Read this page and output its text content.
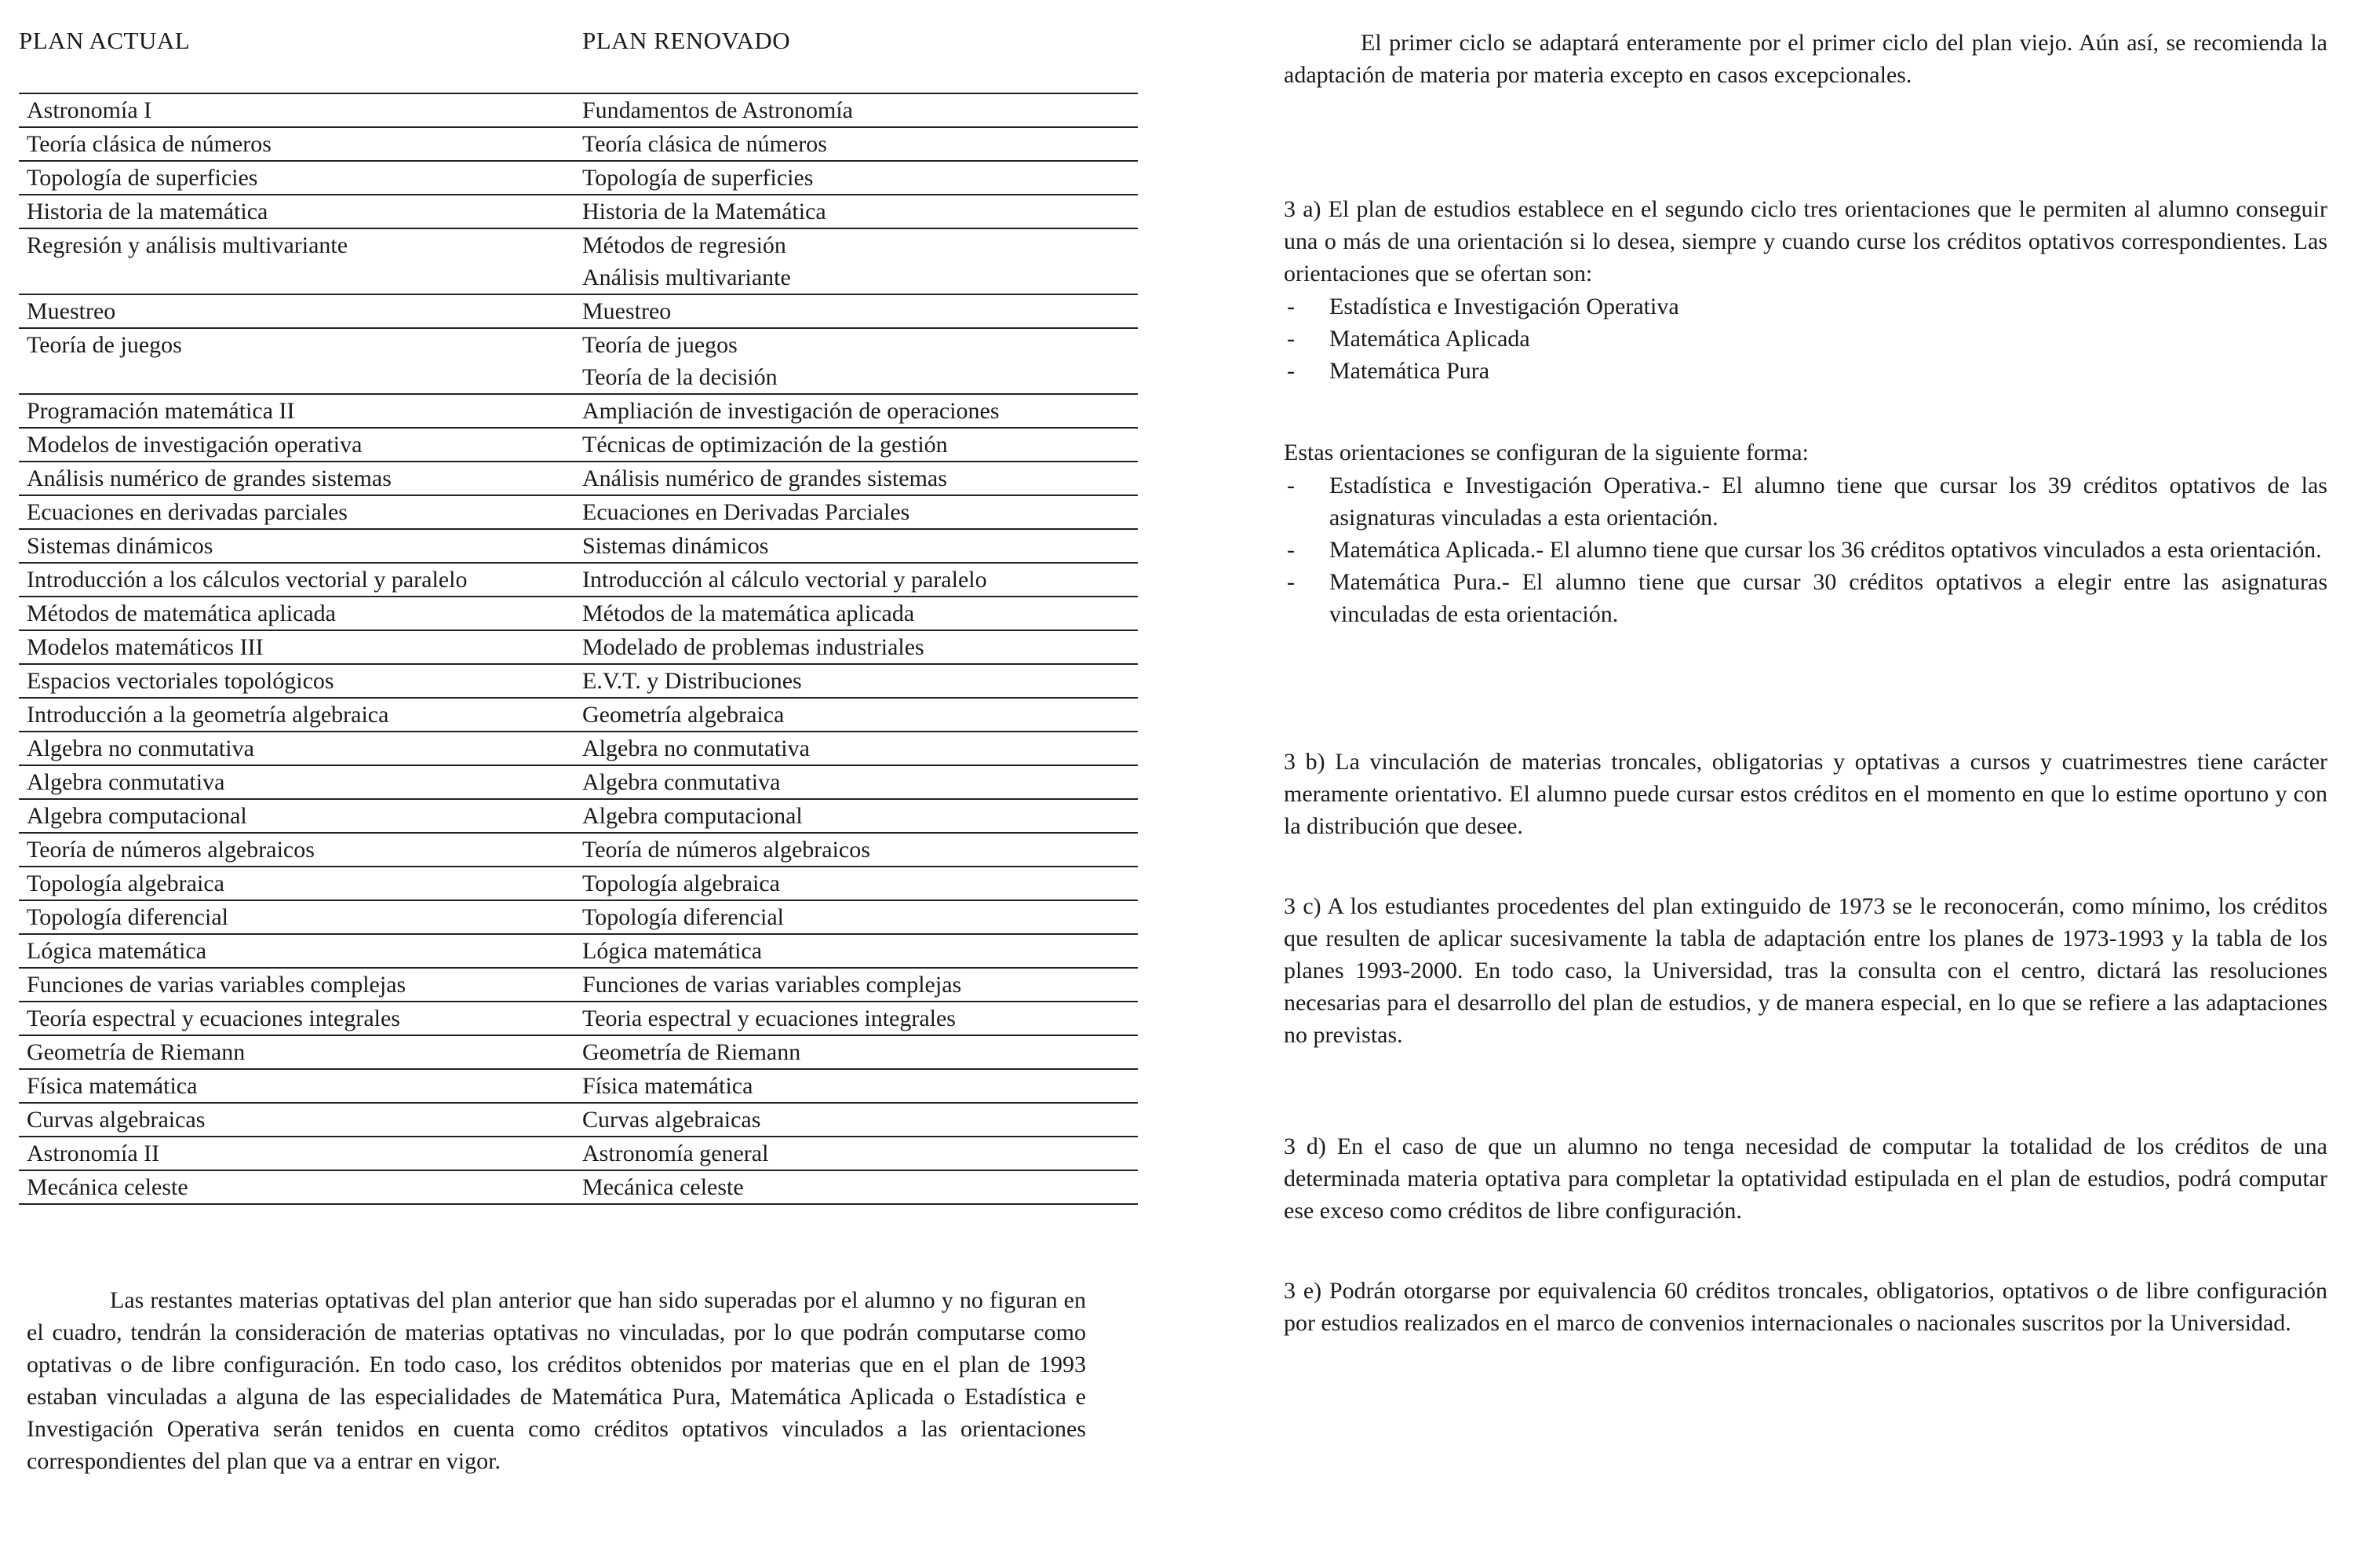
PLAN ACTUAL	PLAN RENOVADO
Astronomía I	Fundamentos de Astronomía
Teoría clásica de números	Teoría clásica de números
Topología de superficies	Topología de superficies
Historia de la matemática	Historia de la Matemática
Regresión y análisis multivariante	Métodos de regresión
Análisis multivariante
Muestreo	Muestreo
Teoría de juegos	Teoría de juegos
Teoría de la decisión
Programación matemática II	Ampliación de investigación de operaciones
Modelos de investigación operativa	Técnicas de optimización de la gestión
Análisis numérico de grandes sistemas	Análisis numérico de grandes sistemas
Ecuaciones en derivadas parciales	Ecuaciones en Derivadas Parciales
Sistemas dinámicos	Sistemas dinámicos
Introducción a los cálculos vectorial y paralelo	Introducción al cálculo vectorial y paralelo
Métodos de matemática aplicada	Métodos de la matemática aplicada
Modelos matemáticos III	Modelado de problemas industriales
Espacios vectoriales topológicos	E.V.T. y Distribuciones
Introducción a la geometría algebraica	Geometría algebraica
Algebra no conmutativa	Algebra no conmutativa
Algebra conmutativa	Algebra conmutativa
Algebra computacional	Algebra computacional
Teoría de números algebraicos	Teoría de números algebraicos
Topología algebraica	Topología algebraica
Topología diferencial	Topología diferencial
Lógica matemática	Lógica matemática
Funciones de varias variables complejas	Funciones de varias variables complejas
Teoría espectral y ecuaciones integrales	Teoria espectral y ecuaciones integrales
Geometría de Riemann	Geometría de Riemann
Física matemática	Física matemática
Curvas algebraicas	Curvas algebraicas
Astronomía II	Astronomía general
Mecánica celeste	Mecánica celeste

Las restantes materias optativas del plan anterior que han sido superadas por el alumno y no figuran en el cuadro, tendrán la consideración de materias optativas no vinculadas, por lo que podrán computarse como optativas o de libre configuración. En todo caso, los créditos obtenidos por materias que en el plan de 1993 estaban vinculadas a alguna de las especialidades de Matemática Pura, Matemática Aplicada o Estadística e Investigación Operativa serán tenidos en cuenta como créditos optativos vinculados a las orientaciones correspondientes del plan que va a entrar en vigor.

El primer ciclo se adaptará enteramente por el primer ciclo del plan viejo. Aún así, se recomienda la adaptación de materia por materia excepto en casos excepcionales.

3 a) El plan de estudios establece en el segundo ciclo tres orientaciones que le permiten al alumno conseguir una o más de una orientación si lo desea, siempre y cuando curse los créditos optativos correspondientes. Las orientaciones que se ofertan son:

- Estadística e Investigación Operativa
- Matemática Aplicada
- Matemática Pura

Estas orientaciones se configuran de la siguiente forma:

- Estadística e Investigación Operativa.- El alumno tiene que cursar los 39 créditos optativos de las asignaturas vinculadas a esta orientación.
- Matemática Aplicada.- El alumno tiene que cursar los 36 créditos optativos vinculados a esta orientación.
- Matemática Pura.- El alumno tiene que cursar 30 créditos optativos a elegir entre las asignaturas vinculadas de esta orientación.

3 b) La vinculación de materias troncales, obligatorias y optativas a cursos y cuatrimestres tiene carácter meramente orientativo. El alumno puede cursar estos créditos en el momento en que lo estime oportuno y con la distribución que desee.

3 c) A los estudiantes procedentes del plan extinguido de 1973 se le reconocerán, como mínimo, los créditos que resulten de aplicar sucesivamente la tabla de adaptación entre los planes de 1973-1993 y la tabla de los planes 1993-2000. En todo caso, la Universidad, tras la consulta con el centro, dictará las resoluciones necesarias para el desarrollo del plan de estudios, y de manera especial, en lo que se refiere a las adaptaciones no previstas.

3 d) En el caso de que un alumno no tenga necesidad de computar la totalidad de los créditos de una determinada materia optativa para completar la optatividad estipulada en el plan de estudios, podrá computar ese exceso como créditos de libre configuración.

3 e) Podrán otorgarse por equivalencia 60 créditos troncales, obligatorios, optativos o de libre configuración por estudios realizados en el marco de convenios internacionales o nacionales suscritos por la Universidad.
